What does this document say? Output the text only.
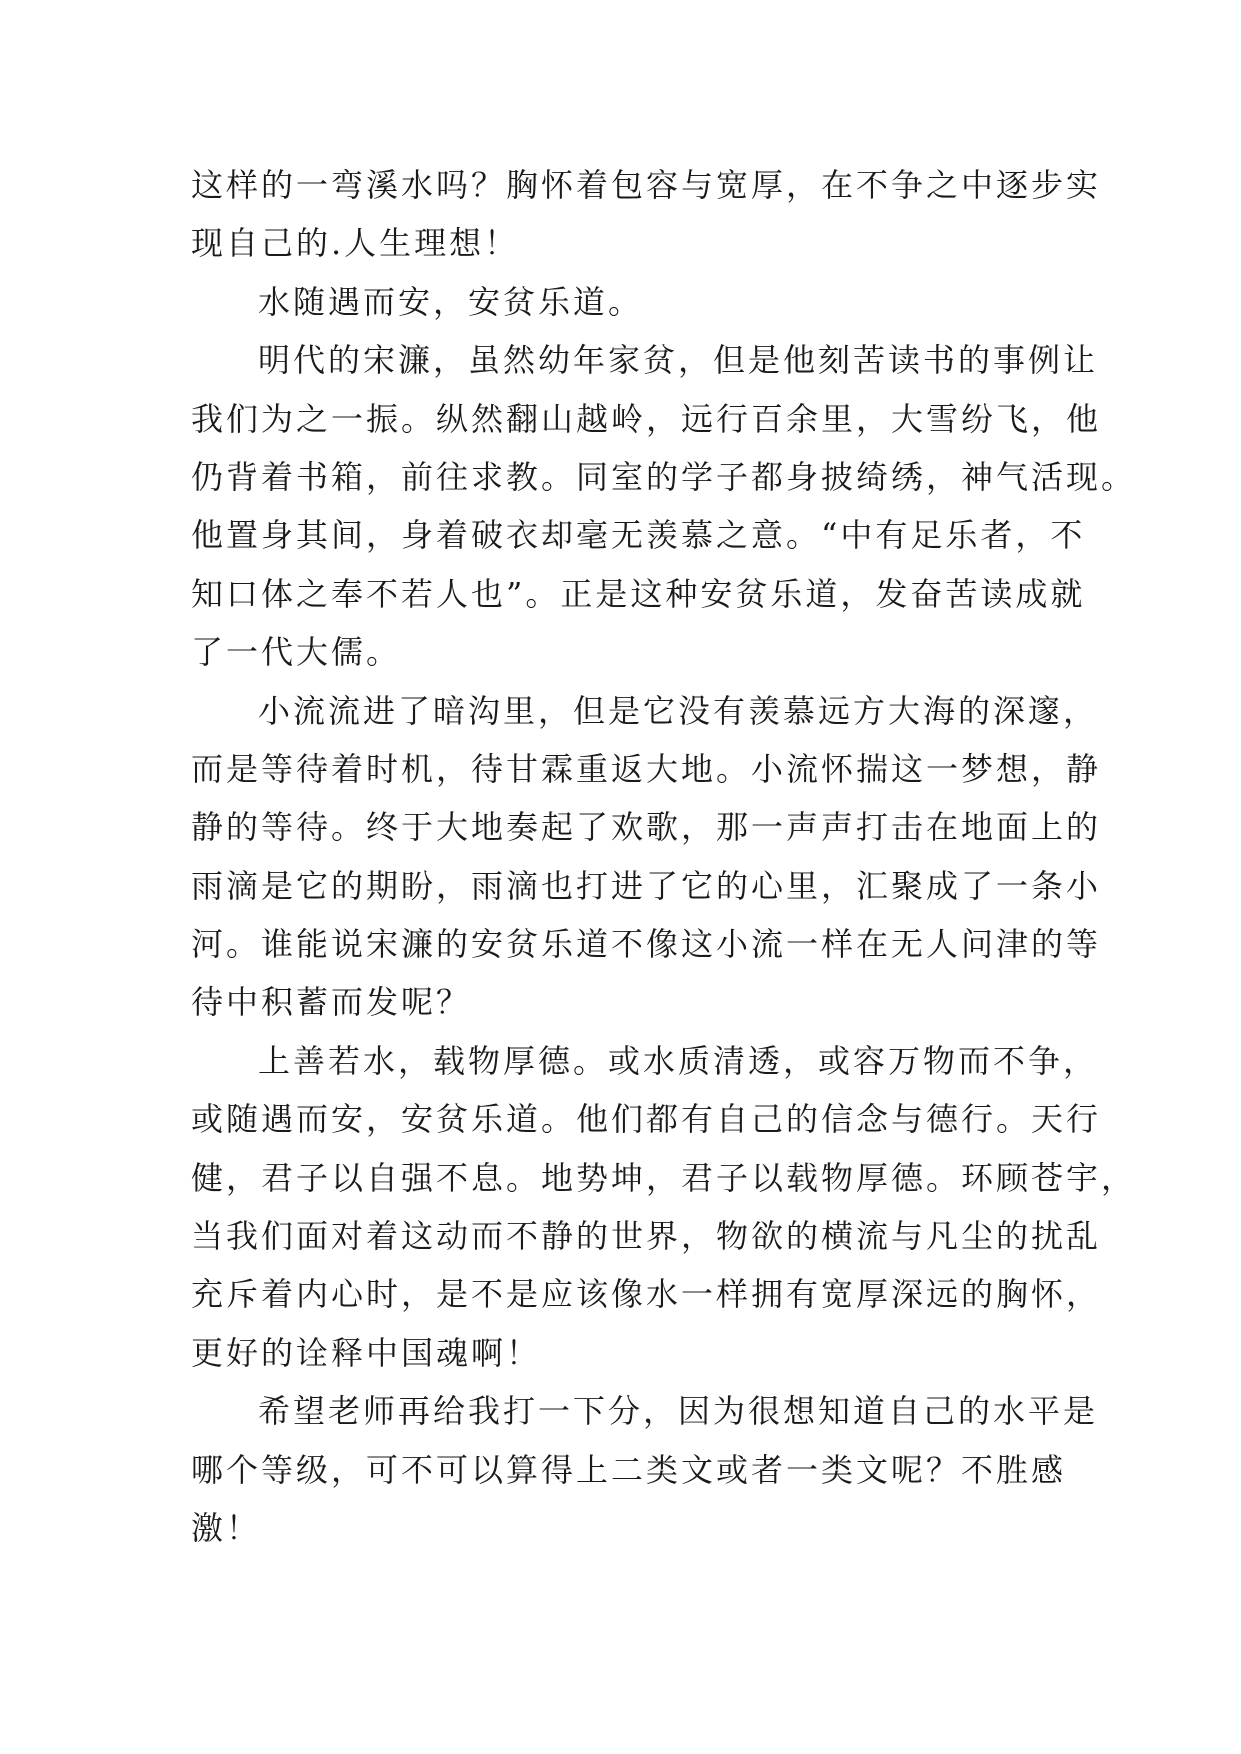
这样的一弯溪水吗？胸怀着包容与宽厚，在不争之中逐步实
现自己的.人生理想！
水随遇而安，安贫乐道。
明代的宋濂，虽然幼年家贫，但是他刻苦读书的事例让
我们为之一振。纵然翻山越岭，远行百余里，大雪纷飞，他
仍背着书箱，前往求教。同室的学子都身披绮绣，神气活现。
他置身其间，身着破衣却毫无羡慕之意。“中有足乐者，不
知口体之奉不若人也”。正是这种安贫乐道，发奋苦读成就
了一代大儒。
小流流进了暗沟里，但是它没有羡慕远方大海的深邃，
而是等待着时机，待甘霖重返大地。小流怀揣这一梦想，静
静的等待。终于大地奏起了欢歌，那一声声打击在地面上的
雨滴是它的期盼，雨滴也打进了它的心里，汇聚成了一条小
河。谁能说宋濂的安贫乐道不像这小流一样在无人问津的等
待中积蓄而发呢？
上善若水，载物厚德。或水质清透，或容万物而不争，
或随遇而安，安贫乐道。他们都有自己的信念与德行。天行
健，君子以自强不息。地势坤，君子以载物厚德。环顾苍宇，
当我们面对着这动而不静的世界，物欲的横流与凡尘的扰乱
充斥着内心时，是不是应该像水一样拥有宽厚深远的胸怀，
更好的诠释中国魂啊！
希望老师再给我打一下分，因为很想知道自己的水平是
哪个等级，可不可以算得上二类文或者一类文呢？不胜感
激！
